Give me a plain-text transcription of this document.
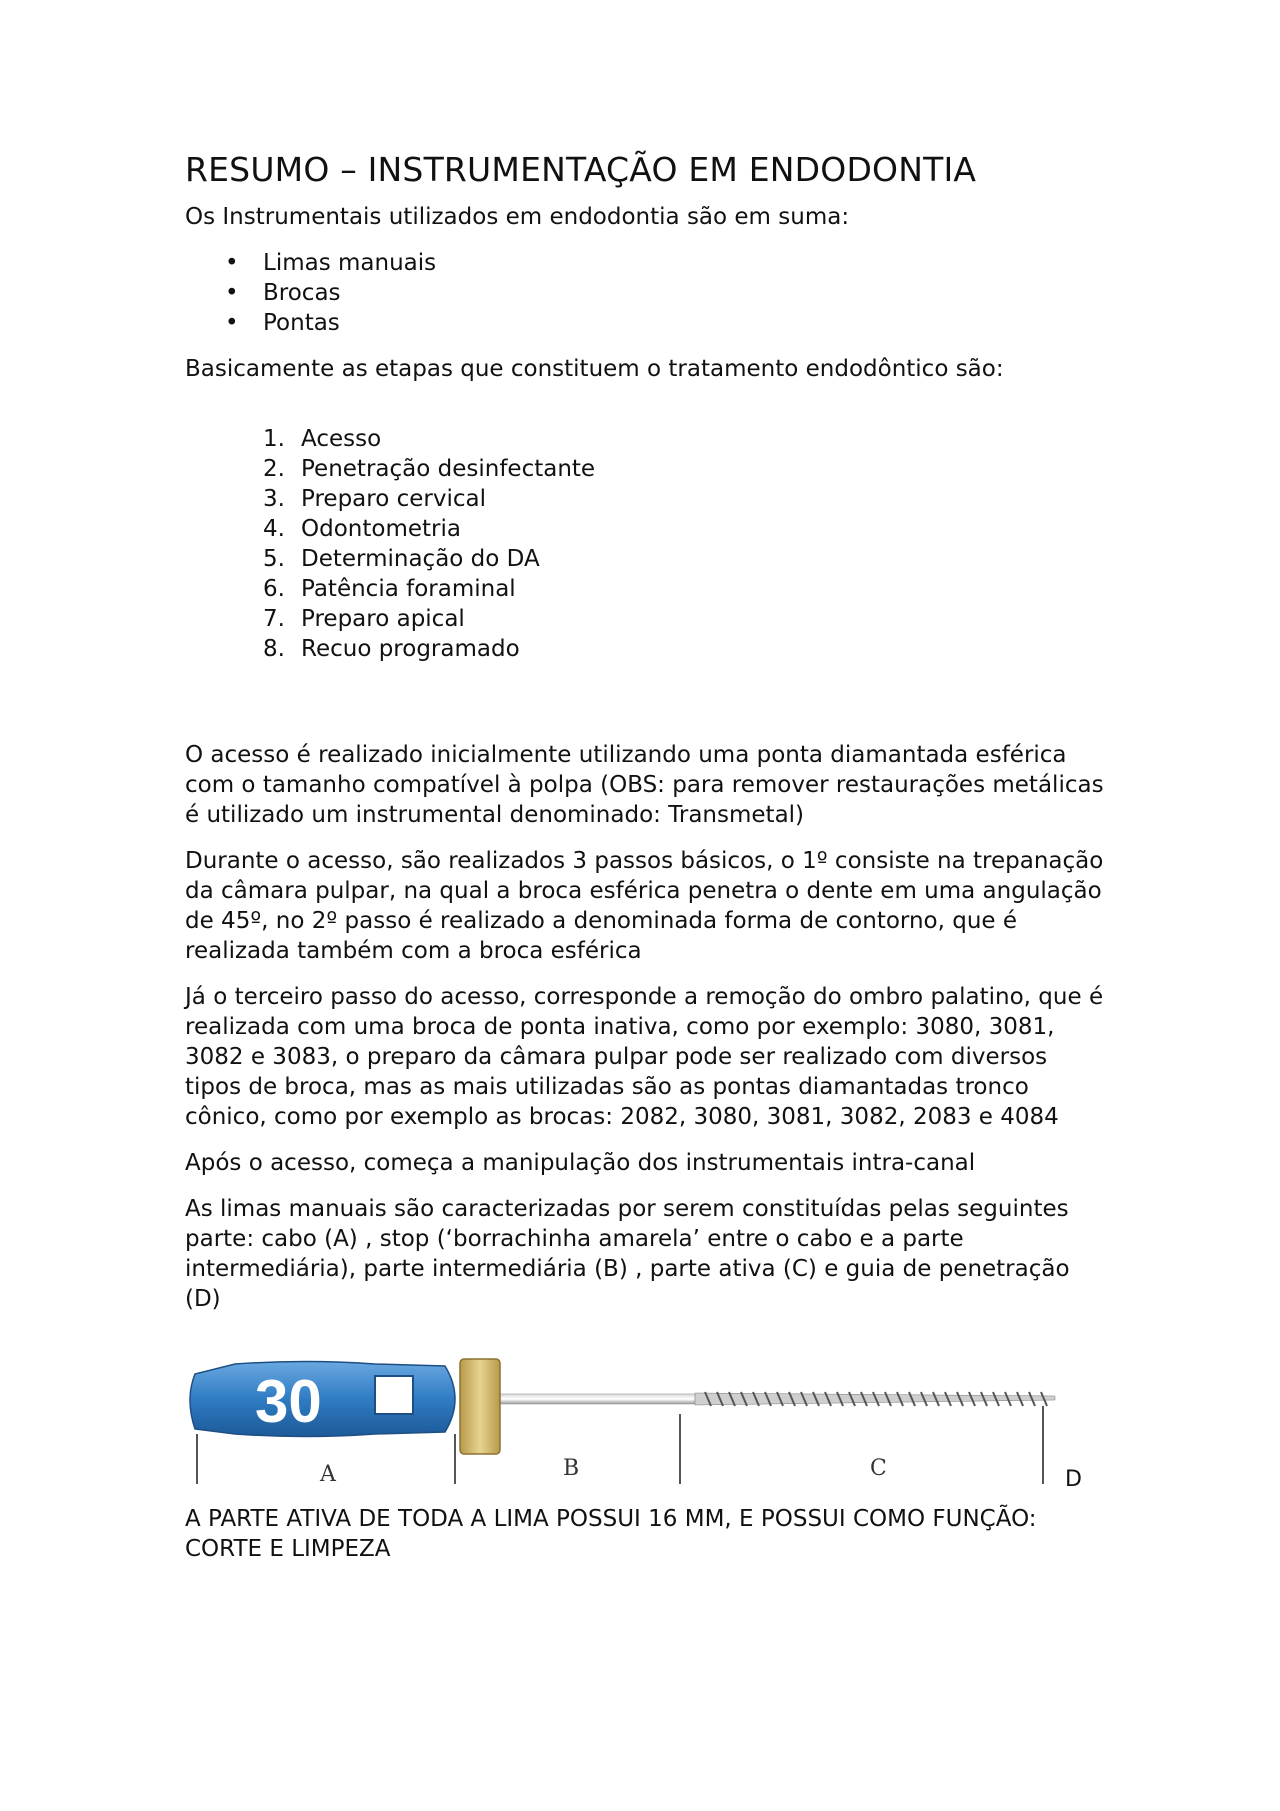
RESUMO – INSTRUMENTAÇÃO EM ENDODONTIA

Os Instrumentais utilizados em endodontia são em suma:

• Limas manuais
• Brocas
• Pontas

Basicamente as etapas que constituem o tratamento endodôntico são:

1. Acesso
2. Penetração desinfectante
3. Preparo cervical
4. Odontometria
5. Determinação do DA
6. Patência foraminal
7. Preparo apical
8. Recuo programado

O acesso é realizado inicialmente utilizando uma ponta diamantada esférica com o tamanho compatível à polpa (OBS: para remover restaurações metálicas é utilizado um instrumental denominado: Transmetal)

Durante o acesso, são realizados 3 passos básicos, o 1º consiste na trepanação da câmara pulpar, na qual a broca esférica penetra o dente em uma angulação de 45º, no 2º passo é realizado a denominada forma de contorno, que é realizada também com a broca esférica

Já o terceiro passo do acesso, corresponde a remoção do ombro palatino, que é realizada com uma broca de ponta inativa, como por exemplo: 3080, 3081, 3082 e 3083, o preparo da câmara pulpar pode ser realizado com diversos tipos de broca, mas as mais utilizadas são as pontas diamantadas tronco cônico, como por exemplo as brocas: 2082, 3080, 3081, 3082, 2083 e 4084

Após o acesso, começa a manipulação dos instrumentais intra-canal

As limas manuais são caracterizadas por serem constituídas pelas seguintes parte: cabo (A) , stop (‘borrachinha amarela’ entre o cabo e a parte intermediária), parte intermediária (B) , parte ativa (C) e guia de penetração (D)

30
A	B	C	D

A PARTE ATIVA DE TODA A LIMA POSSUI 16 MM, E POSSUI COMO FUNÇÃO: CORTE E LIMPEZA
